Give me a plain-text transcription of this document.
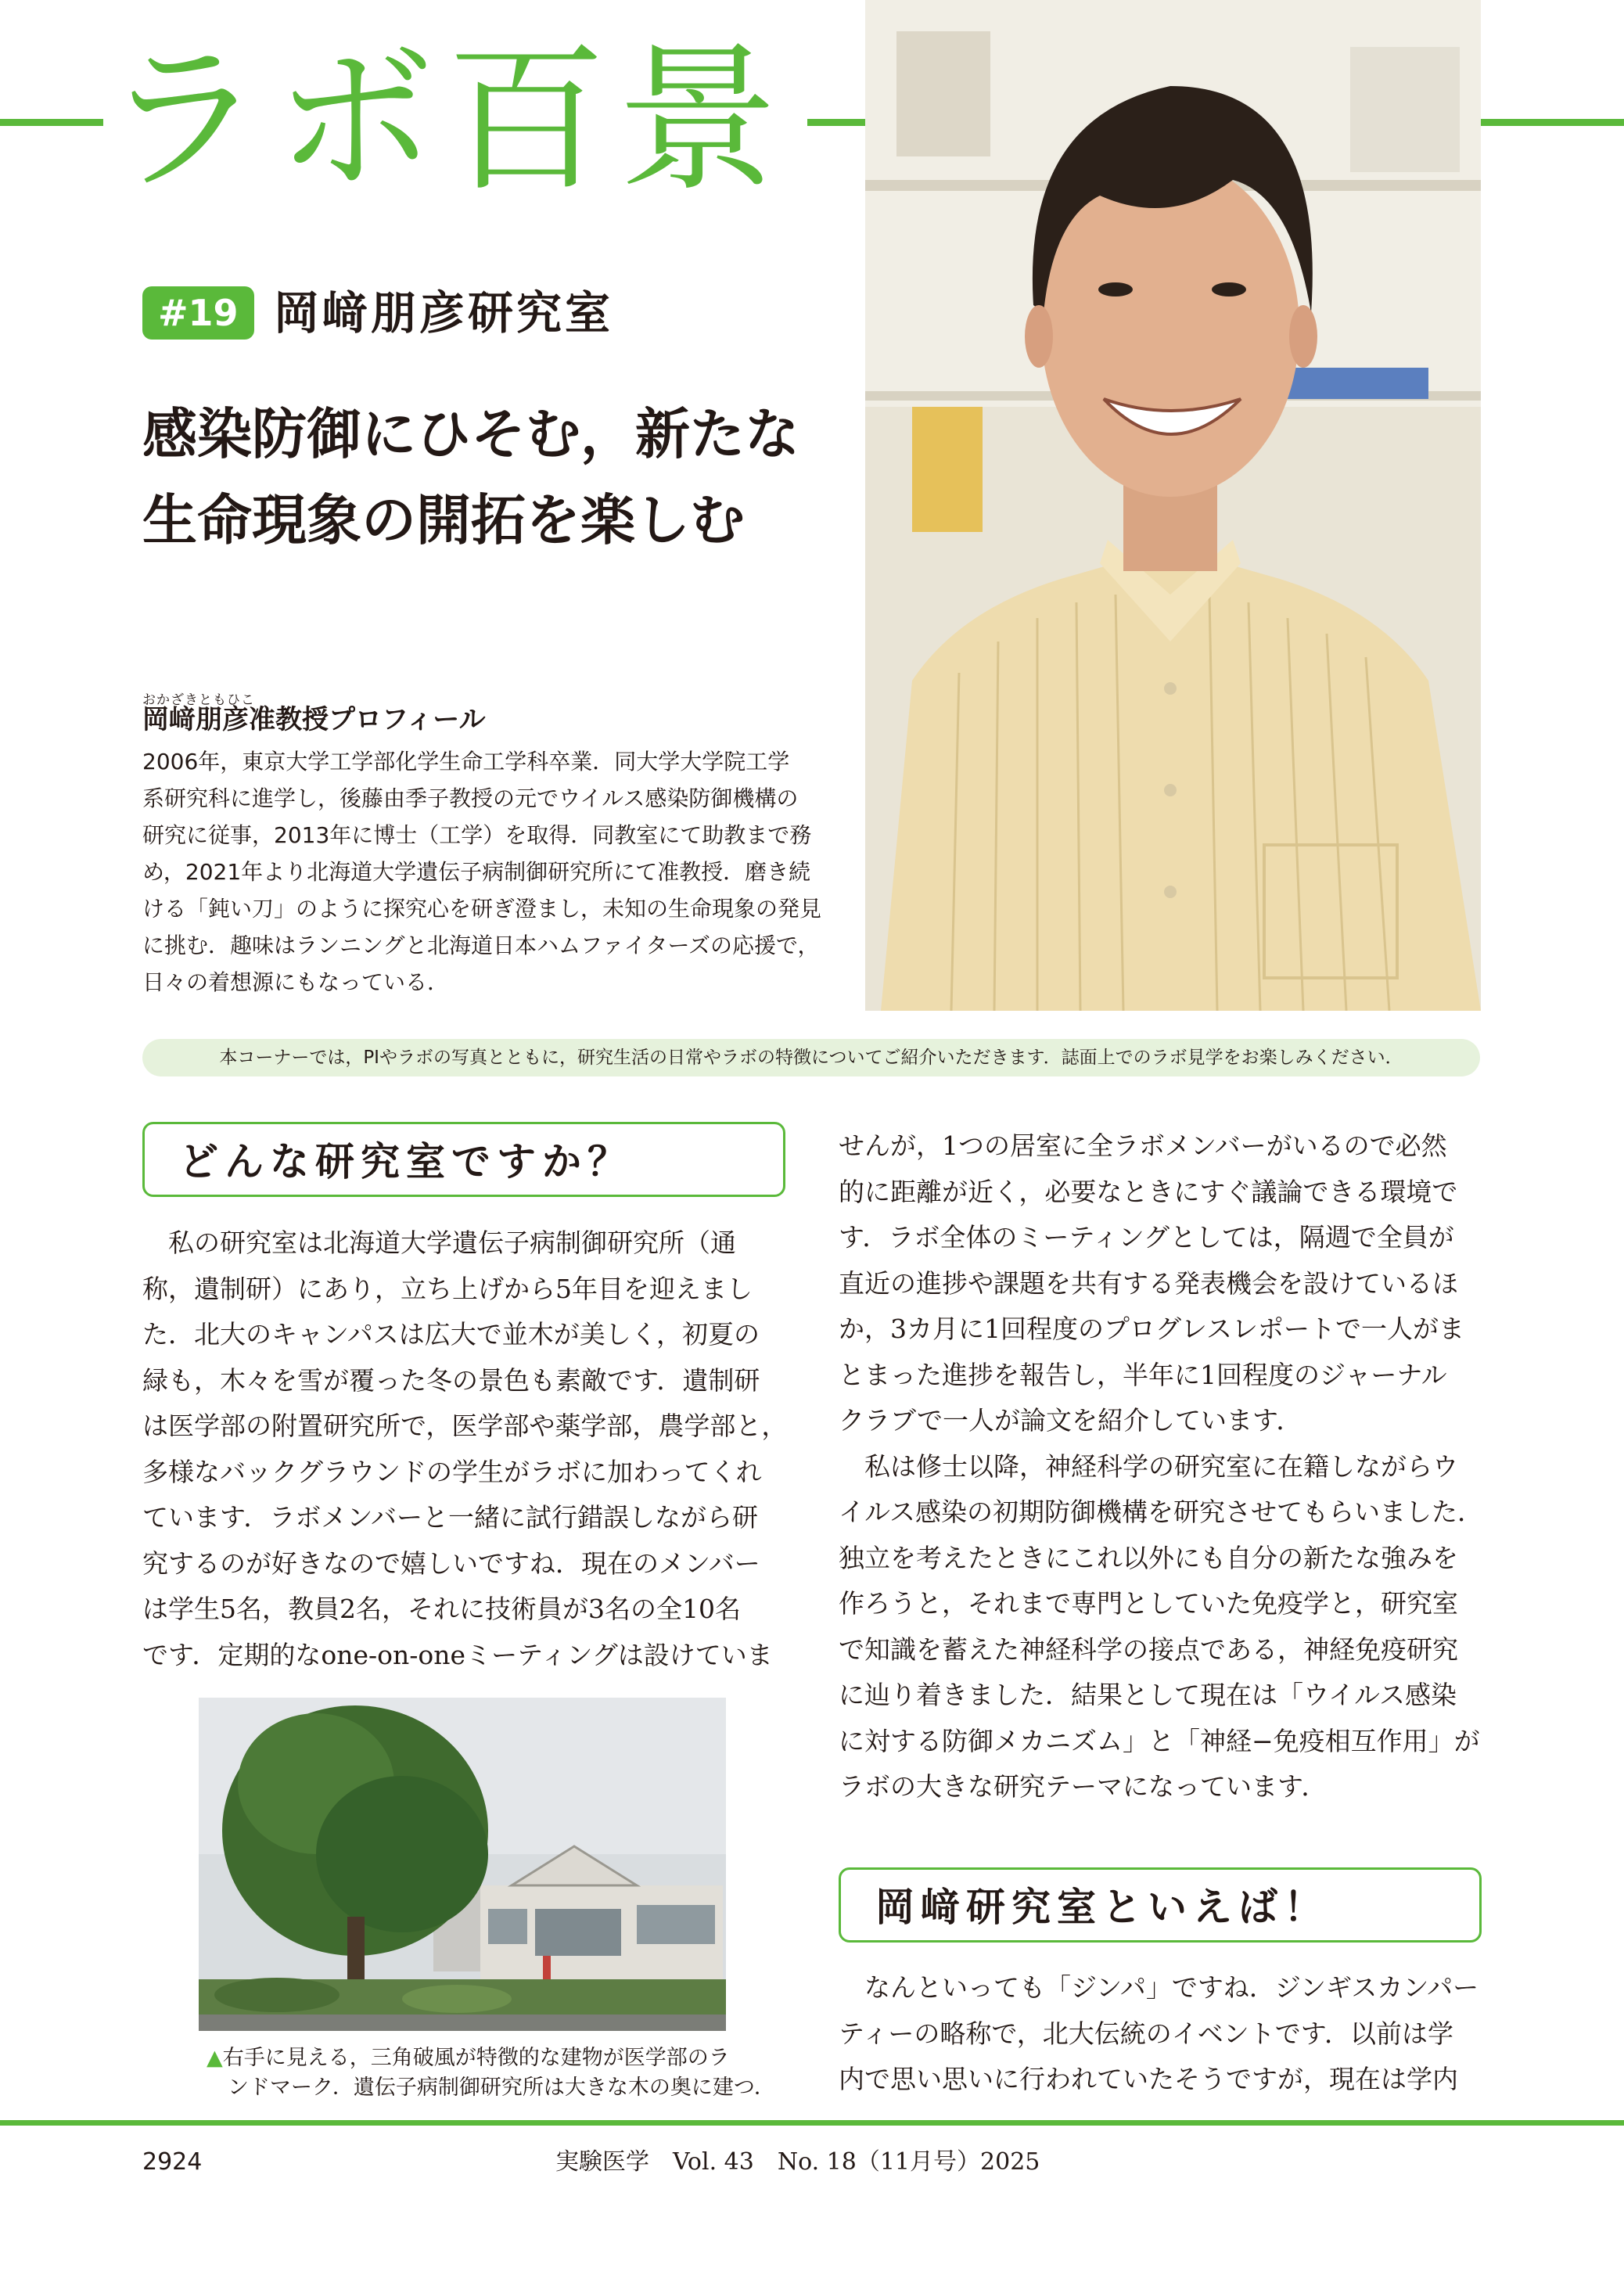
ラボ百景
#19 岡﨑朋彦研究室
感染防御にひそむ，新たな
生命現象の開拓を楽しむ
おかざきともひこ
岡﨑朋彦准教授プロフィール
2006年，東京大学工学部化学生命工学科卒業．同大学大学院工学
系研究科に進学し，後藤由季子教授の元でウイルス感染防御機構の
研究に従事，2013年に博士（工学）を取得．同教室にて助教まで務
め，2021年より北海道大学遺伝子病制御研究所にて准教授．磨き続
ける「鈍い刀」のように探究心を研ぎ澄まし，未知の生命現象の発見
に挑む．趣味はランニングと北海道日本ハムファイターズの応援で，
日々の着想源にもなっている．
本コーナーでは，PIやラボの写真とともに，研究生活の日常やラボの特徴についてご紹介いただきます．誌面上でのラボ見学をお楽しみください．
どんな研究室ですか？
　私の研究室は北海道大学遺伝子病制御研究所（通
称，遺制研）にあり，立ち上げから5年目を迎えまし
た．北大のキャンパスは広大で並木が美しく，初夏の
緑も，木々を雪が覆った冬の景色も素敵です．遺制研
は医学部の附置研究所で，医学部や薬学部，農学部と，
多様なバックグラウンドの学生がラボに加わってくれ
ています．ラボメンバーと一緒に試行錯誤しながら研
究するのが好きなので嬉しいですね．現在のメンバー
は学生5名，教員2名，それに技術員が3名の全10名
です．定期的なone-on-oneミーティングは設けていま
せんが，1つの居室に全ラボメンバーがいるので必然
的に距離が近く，必要なときにすぐ議論できる環境で
す．ラボ全体のミーティングとしては，隔週で全員が
直近の進捗や課題を共有する発表機会を設けているほ
か，3カ月に1回程度のプログレスレポートで一人がま
とまった進捗を報告し，半年に1回程度のジャーナル
クラブで一人が論文を紹介しています．
　私は修士以降，神経科学の研究室に在籍しながらウ
イルス感染の初期防御機構を研究させてもらいました．
独立を考えたときにこれ以外にも自分の新たな強みを
作ろうと，それまで専門としていた免疫学と，研究室
で知識を蓄えた神経科学の接点である，神経免疫研究
に辿り着きました．結果として現在は「ウイルス感染
に対する防御メカニズム」と「神経−免疫相互作用」が
ラボの大きな研究テーマになっています．
▲右手に見える，三角破風が特徴的な建物が医学部のラ
ンドマーク．遺伝子病制御研究所は大きな木の奥に建つ．
岡﨑研究室といえば！
　なんといっても「ジンパ」ですね．ジンギスカンパー
ティーの略称で，北大伝統のイベントです．以前は学
内で思い思いに行われていたそうですが，現在は学内
2924	実験医学　Vol. 43　No. 18（11月号）2025
